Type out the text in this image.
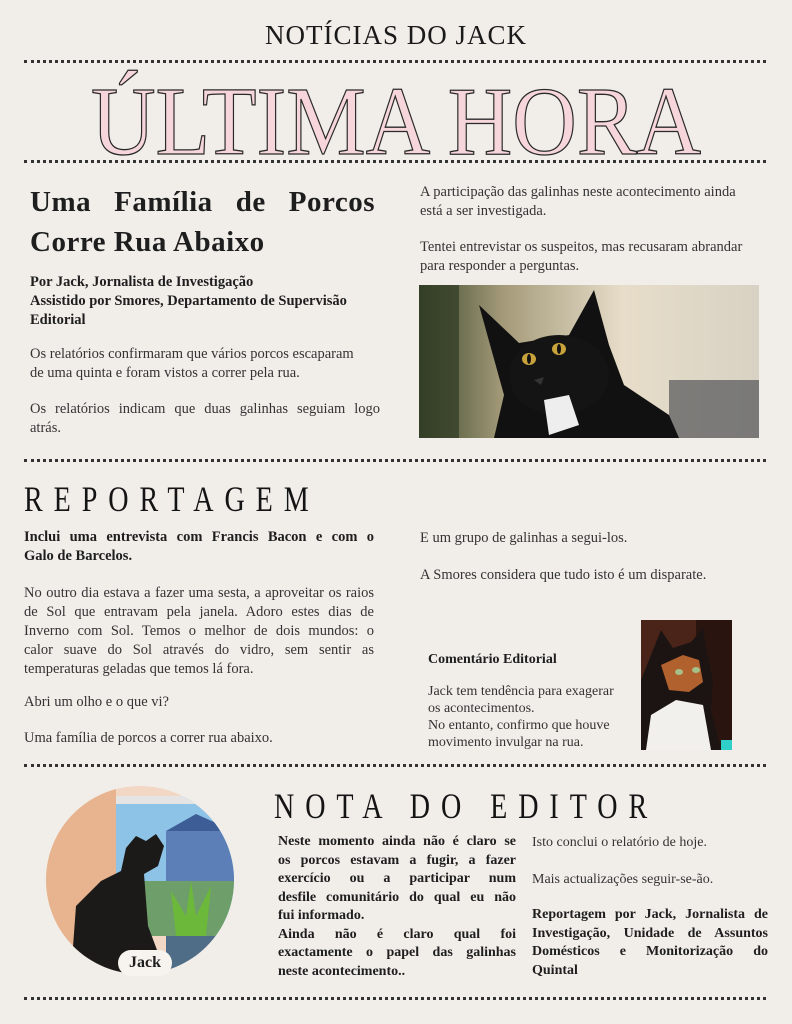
NOTÍCIAS DO JACK
ÚLTIMA HORA
Uma Família de Porcos
Corre Rua Abaixo
Por Jack, Jornalista de Investigação
Assistido por Smores, Departamento de Supervisão
Editorial
Os relatórios confirmaram que vários porcos escaparam
de uma quinta e foram vistos a correr pela rua.
Os relatórios indicam que duas galinhas seguiam logo
atrás.
A participação das galinhas neste acontecimento ainda
está a ser investigada.
Tentei entrevistar os suspeitos, mas recusaram abrandar
para responder a perguntas.
REPORTAGEM
Inclui uma entrevista com Francis Bacon e com o
Galo de Barcelos.
No outro dia estava a fazer uma sesta, a aproveitar os raios
de Sol que entravam pela janela. Adoro estes dias de
Inverno com Sol. Temos o melhor de dois mundos: o
calor suave do Sol através do vidro, sem sentir as
temperaturas geladas que temos lá fora.
Abri um olho e o que vi?
Uma família de porcos a correr rua abaixo.
E um grupo de galinhas a segui-los.
A Smores considera que tudo isto é um disparate.
Comentário Editorial
Jack tem tendência para exagerar
os acontecimentos.
No entanto, confirmo que houve
movimento invulgar na rua.
Jack
NOTA DO EDITOR
Neste momento ainda não é claro se
os porcos estavam a fugir, a fazer
exercício ou a participar num
desfile comunitário do qual eu não
fui informado.
Ainda não é claro qual foi
exactamente o papel das galinhas
neste acontecimento..
Isto conclui o relatório de hoje.
Mais actualizações seguir-se-ão.
Reportagem por Jack, Jornalista de
Investigação, Unidade de Assuntos
Domésticos e Monitorização do
Quintal
